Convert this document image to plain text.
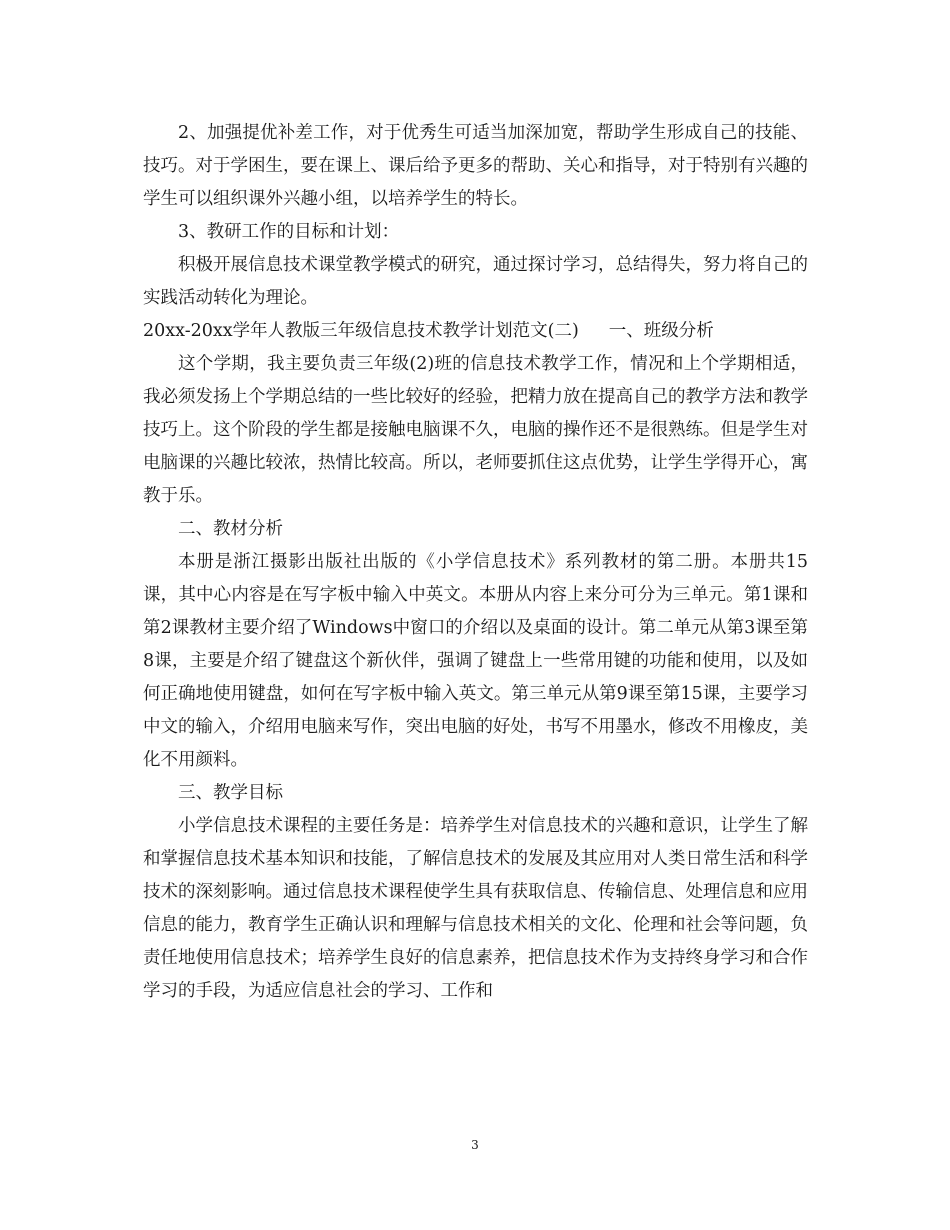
2、加强提优补差工作，对于优秀生可适当加深加宽，帮助学生形成自己的技能、技巧。对于学困生，要在课上、课后给予更多的帮助、关心和指导，对于特别有兴趣的学生可以组织课外兴趣小组，以培养学生的特长。

3、教研工作的目标和计划：

积极开展信息技术课堂教学模式的研究，通过探讨学习，总结得失，努力将自己的实践活动转化为理论。

20xx-20xx学年人教版三年级信息技术教学计划范文(二) 一、班级分析

这个学期，我主要负责三年级(2)班的信息技术教学工作，情况和上个学期相适，我必须发扬上个学期总结的一些比较好的经验，把精力放在提高自己的教学方法和教学技巧上。这个阶段的学生都是接触电脑课不久，电脑的操作还不是很熟练。但是学生对电脑课的兴趣比较浓，热情比较高。所以，老师要抓住这点优势，让学生学得开心，寓教于乐。

二、教材分析

本册是浙江摄影出版社出版的《小学信息技术》系列教材的第二册。本册共15课，其中心内容是在写字板中输入中英文。本册从内容上来分可分为三单元。第1课和第2课教材主要介绍了Windows中窗口的介绍以及桌面的设计。第二单元从第3课至第8课，主要是介绍了键盘这个新伙伴，强调了键盘上一些常用键的功能和使用，以及如何正确地使用键盘，如何在写字板中输入英文。第三单元从第9课至第15课，主要学习中文的输入，介绍用电脑来写作，突出电脑的好处，书写不用墨水，修改不用橡皮，美化不用颜料。

三、教学目标

小学信息技术课程的主要任务是：培养学生对信息技术的兴趣和意识，让学生了解和掌握信息技术基本知识和技能，了解信息技术的发展及其应用对人类日常生活和科学技术的深刻影响。通过信息技术课程使学生具有获取信息、传输信息、处理信息和应用信息的能力，教育学生正确认识和理解与信息技术相关的文化、伦理和社会等问题，负责任地使用信息技术；培养学生良好的信息素养，把信息技术作为支持终身学习和合作学习的手段，为适应信息社会的学习、工作和

3
